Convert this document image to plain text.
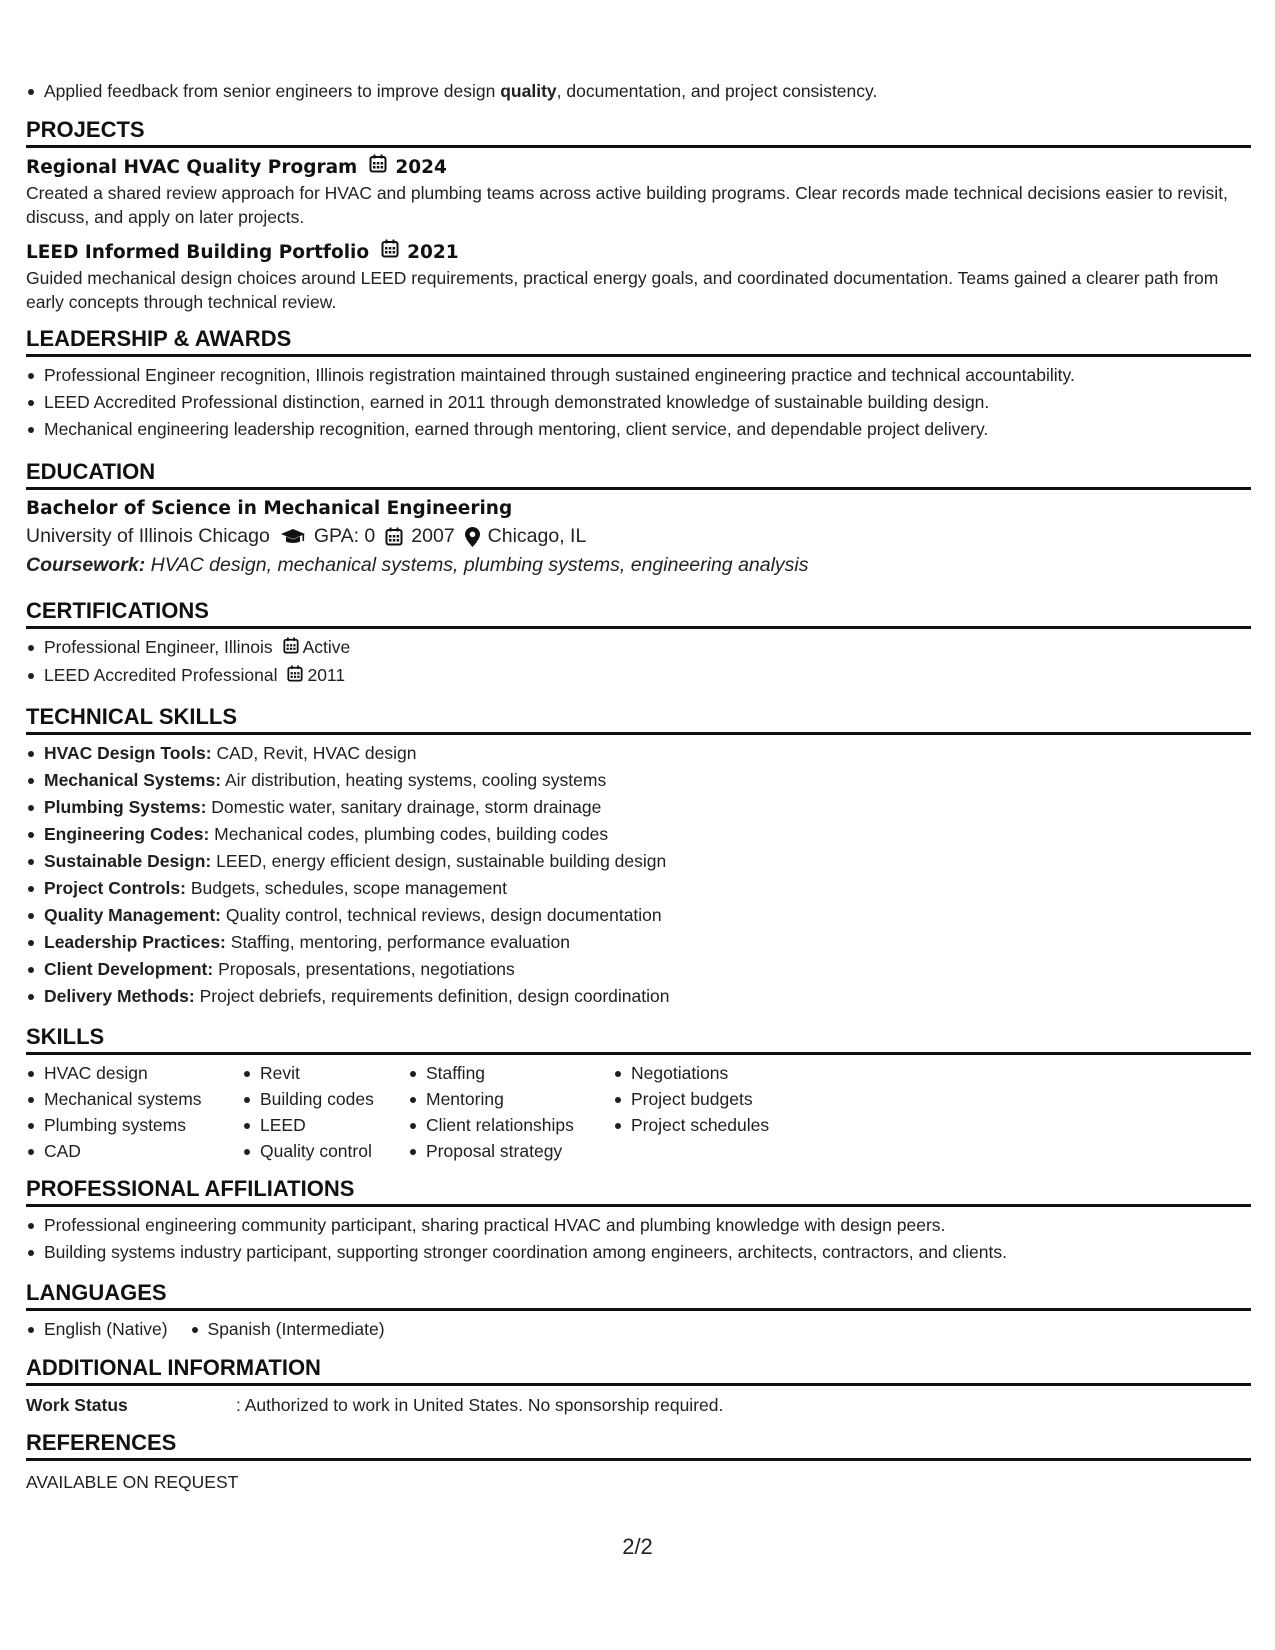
Applied feedback from senior engineers to improve design quality, documentation, and project consistency.
PROJECTS
Regional HVAC Quality Program 2024
Created a shared review approach for HVAC and plumbing teams across active building programs. Clear records made technical decisions easier to revisit, discuss, and apply on later projects.
LEED Informed Building Portfolio 2021
Guided mechanical design choices around LEED requirements, practical energy goals, and coordinated documentation. Teams gained a clearer path from early concepts through technical review.
LEADERSHIP & AWARDS
Professional Engineer recognition, Illinois registration maintained through sustained engineering practice and technical accountability.
LEED Accredited Professional distinction, earned in 2011 through demonstrated knowledge of sustainable building design.
Mechanical engineering leadership recognition, earned through mentoring, client service, and dependable project delivery.
EDUCATION
Bachelor of Science in Mechanical Engineering
University of Illinois Chicago GPA: 0 2007 Chicago, IL
Coursework: HVAC design, mechanical systems, plumbing systems, engineering analysis
CERTIFICATIONS
Professional Engineer, Illinois Active
LEED Accredited Professional 2011
TECHNICAL SKILLS
HVAC Design Tools: CAD, Revit, HVAC design
Mechanical Systems: Air distribution, heating systems, cooling systems
Plumbing Systems: Domestic water, sanitary drainage, storm drainage
Engineering Codes: Mechanical codes, plumbing codes, building codes
Sustainable Design: LEED, energy efficient design, sustainable building design
Project Controls: Budgets, schedules, scope management
Quality Management: Quality control, technical reviews, design documentation
Leadership Practices: Staffing, mentoring, performance evaluation
Client Development: Proposals, presentations, negotiations
Delivery Methods: Project debriefs, requirements definition, design coordination
SKILLS
HVAC design
Mechanical systems
Plumbing systems
CAD
Revit
Building codes
LEED
Quality control
Staffing
Mentoring
Client relationships
Proposal strategy
Negotiations
Project budgets
Project schedules
PROFESSIONAL AFFILIATIONS
Professional engineering community participant, sharing practical HVAC and plumbing knowledge with design peers.
Building systems industry participant, supporting stronger coordination among engineers, architects, contractors, and clients.
LANGUAGES
English (Native)	Spanish (Intermediate)
ADDITIONAL INFORMATION
Work Status	: Authorized to work in United States. No sponsorship required.
REFERENCES
AVAILABLE ON REQUEST
2/2
